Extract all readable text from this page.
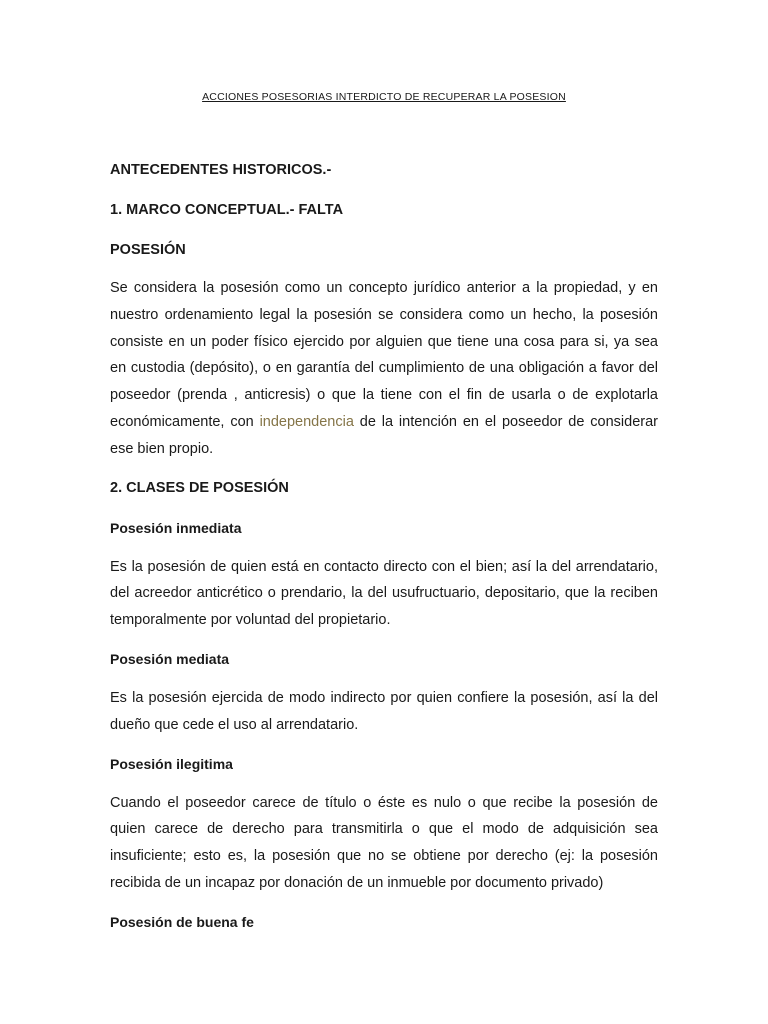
ACCIONES POSESORIAS INTERDICTO DE RECUPERAR LA POSESION

ANTECEDENTES HISTORICOS.-

1. MARCO CONCEPTUAL.- FALTA

POSESIÓN

Se considera la posesión como un concepto jurídico anterior a la propiedad, y en nuestro ordenamiento legal la posesión se considera como un hecho, la posesión consiste en un poder físico ejercido por alguien que tiene una cosa para si, ya sea en custodia (depósito), o en garantía del cumplimiento de una obligación a favor del poseedor (prenda , anticresis) o que la tiene con el fin de usarla o de explotarla económicamente, con independencia de la intención en el poseedor de considerar ese bien propio.

2. CLASES DE POSESIÓN

Posesión inmediata

Es la posesión de quien está en contacto directo con el bien; así la del arrendatario, del acreedor anticrético o prendario, la del usufructuario, depositario, que la reciben temporalmente por voluntad del propietario.

Posesión mediata

Es la posesión ejercida de modo indirecto por quien confiere la posesión, así la del dueño que cede el uso al arrendatario.

Posesión ilegitima

Cuando el poseedor carece de título o éste es nulo o que recibe la posesión de quien carece de derecho para transmitirla o que el modo de adquisición sea insuficiente; esto es, la posesión que no se obtiene por derecho (ej: la posesión recibida de un incapaz por donación de un inmueble por documento privado)

Posesión de buena fe
